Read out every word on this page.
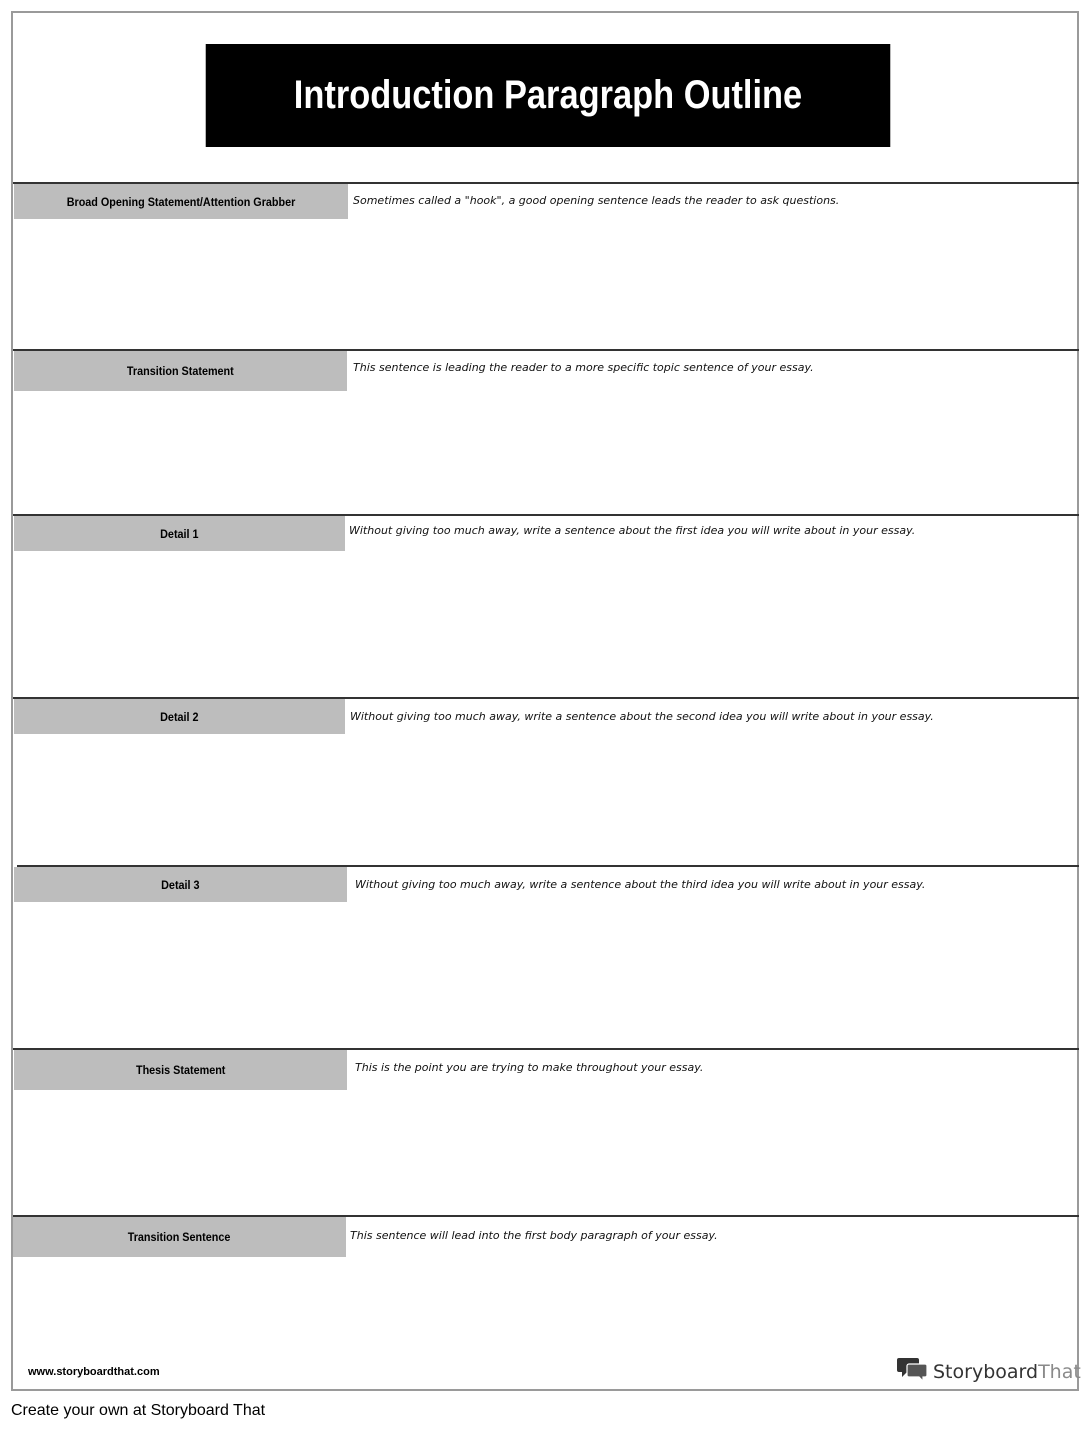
Introduction Paragraph Outline
Broad Opening Statement/Attention Grabber	Sometimes called a "hook", a good opening sentence leads the reader to ask questions.
Transition Statement	This sentence is leading the reader to a more specific topic sentence of your essay.
Detail 1	Without giving too much away, write a sentence about the first idea you will write about in your essay.
Detail 2	Without giving too much away, write a sentence about the second idea you will write about in your essay.
Detail 3	Without giving too much away, write a sentence about the third idea you will write about in your essay.
Thesis Statement	This is the point you are trying to make throughout your essay.
Transition Sentence	This sentence will lead into the first body paragraph of your essay.
www.storyboardthat.com	StoryboardThat
Create your own at Storyboard That
